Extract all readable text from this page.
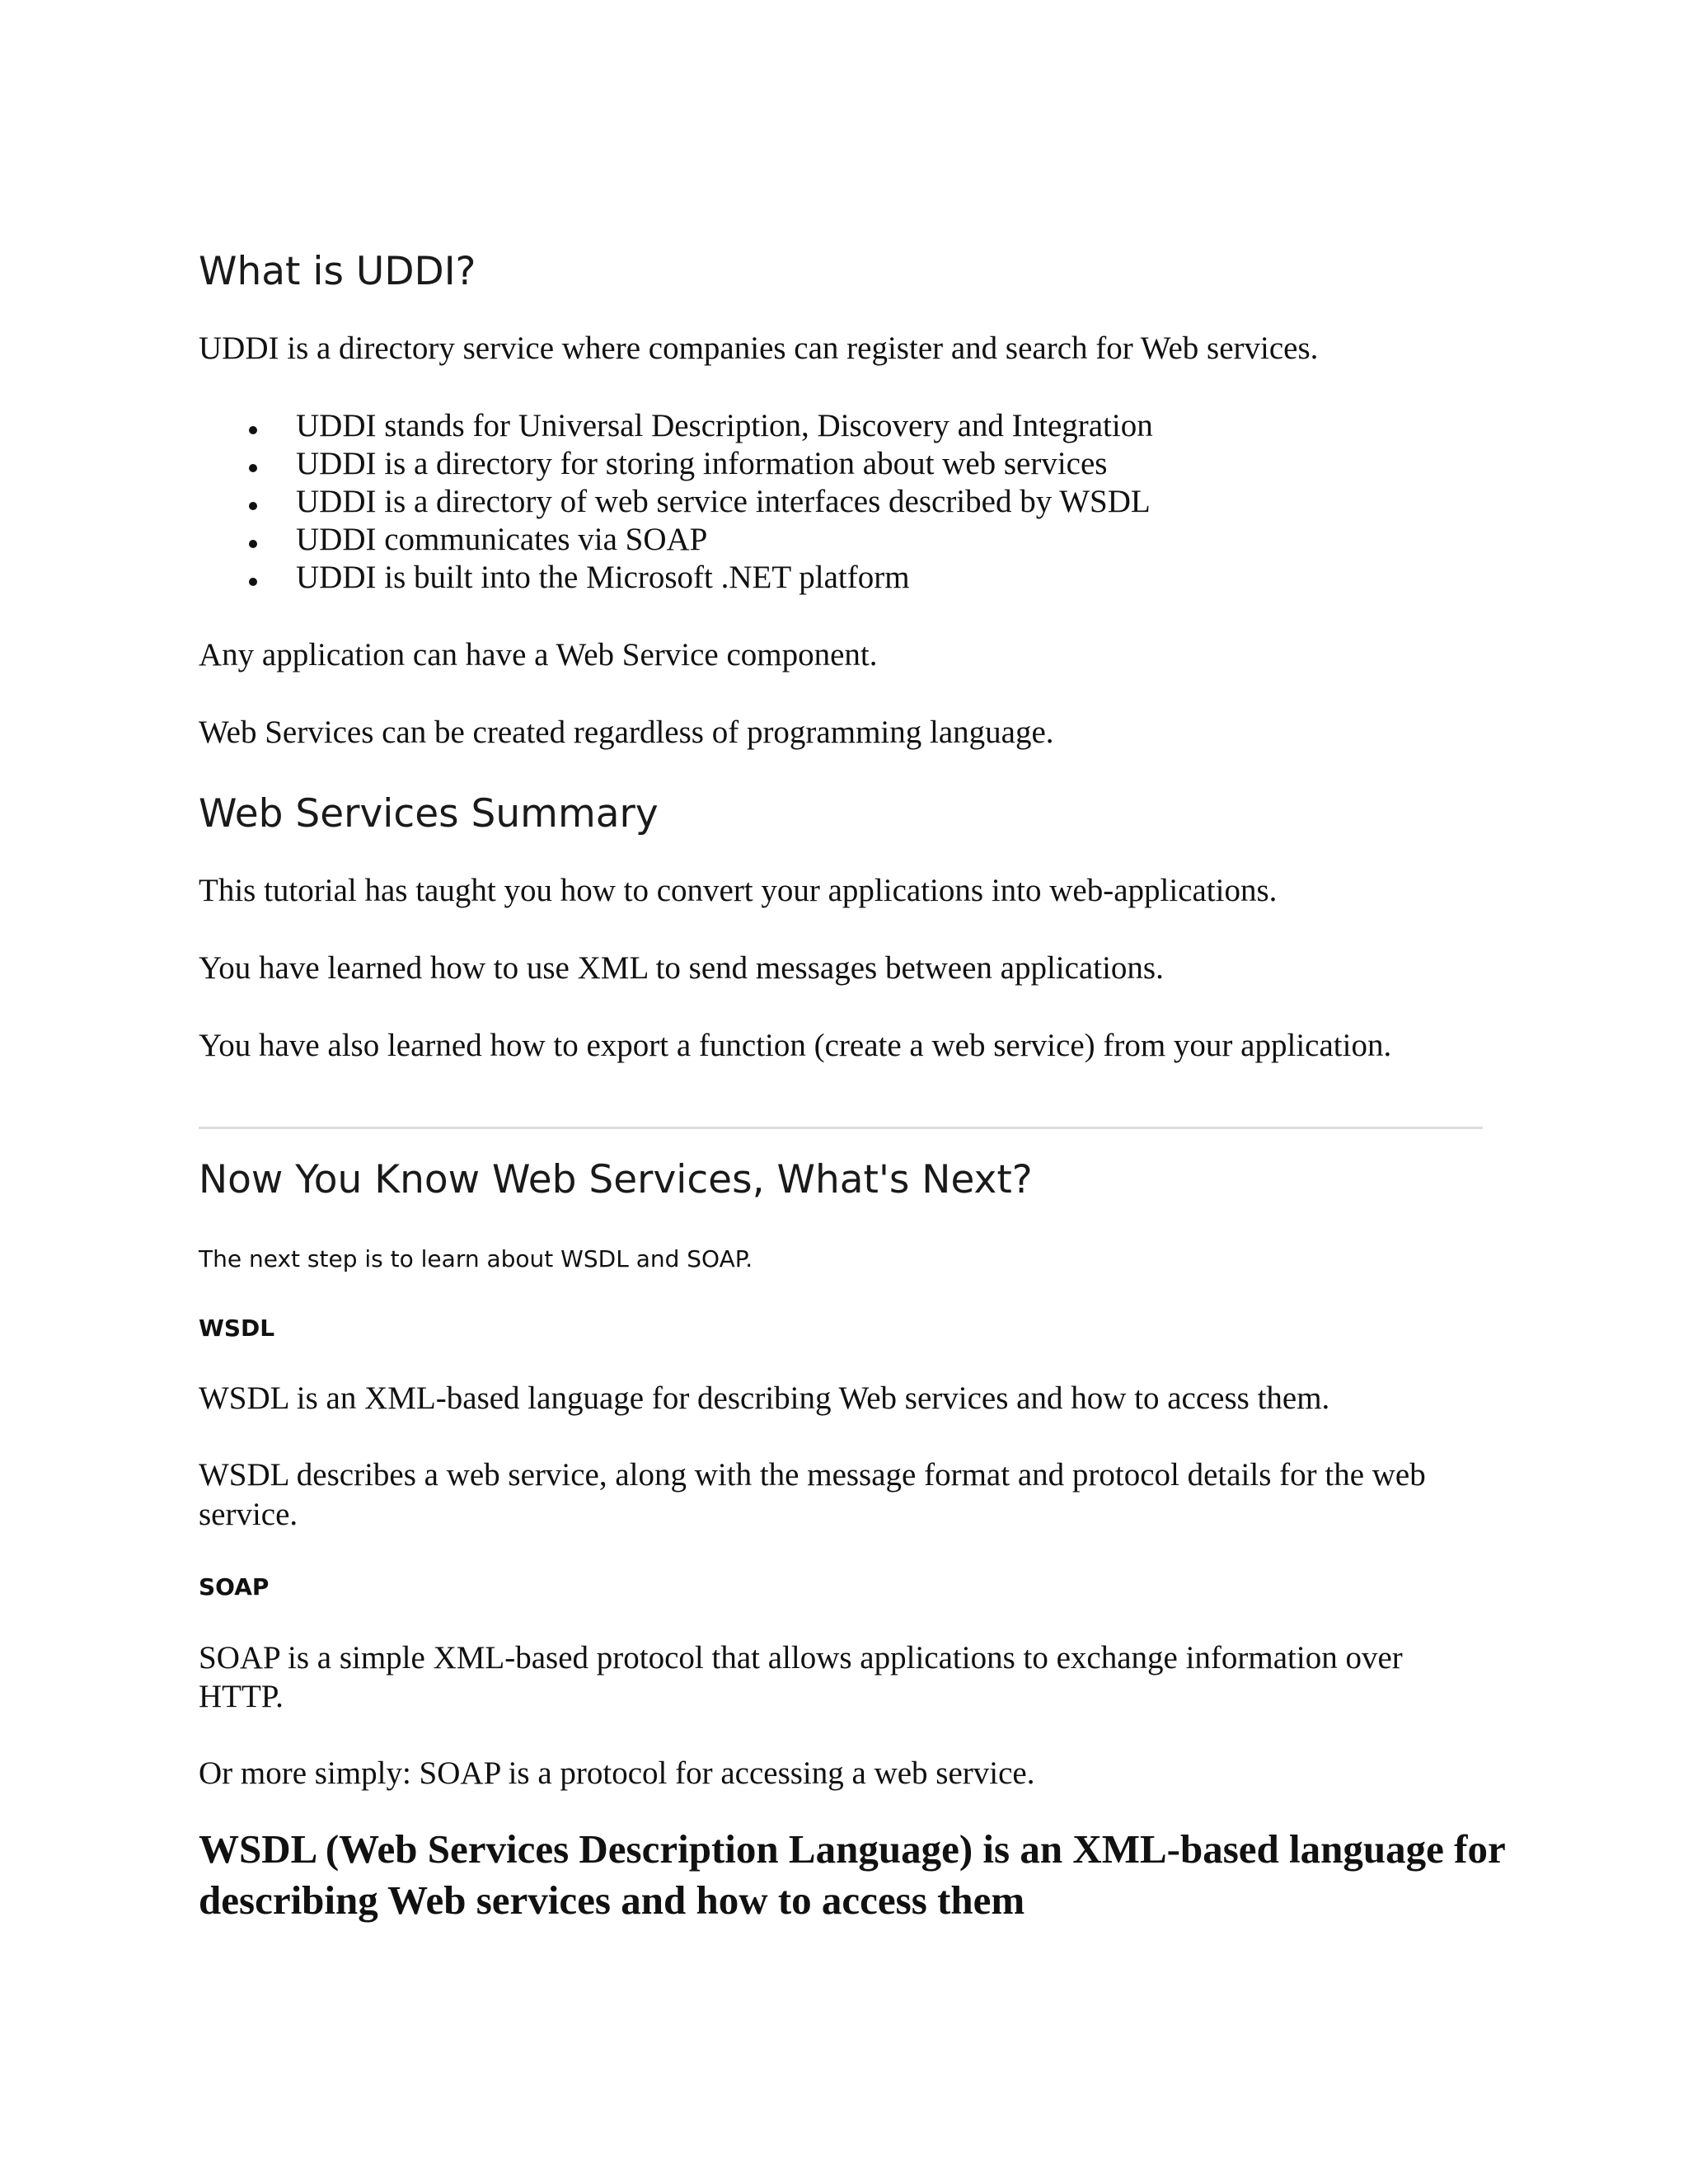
What is UDDI?
UDDI is a directory service where companies can register and search for Web services.
UDDI stands for Universal Description, Discovery and Integration
UDDI is a directory for storing information about web services
UDDI is a directory of web service interfaces described by WSDL
UDDI communicates via SOAP
UDDI is built into the Microsoft .NET platform
Any application can have a Web Service component.
Web Services can be created regardless of programming language.
Web Services Summary
This tutorial has taught you how to convert your applications into web-applications.
You have learned how to use XML to send messages between applications.
You have also learned how to export a function (create a web service) from your application.
Now You Know Web Services, What's Next?
The next step is to learn about WSDL and SOAP.
WSDL
WSDL is an XML-based language for describing Web services and how to access them.
WSDL describes a web service, along with the message format and protocol details for the web
service.
SOAP
SOAP is a simple XML-based protocol that allows applications to exchange information over
HTTP.
Or more simply: SOAP is a protocol for accessing a web service.
WSDL (Web Services Description Language) is an XML-based language for
describing Web services and how to access them
